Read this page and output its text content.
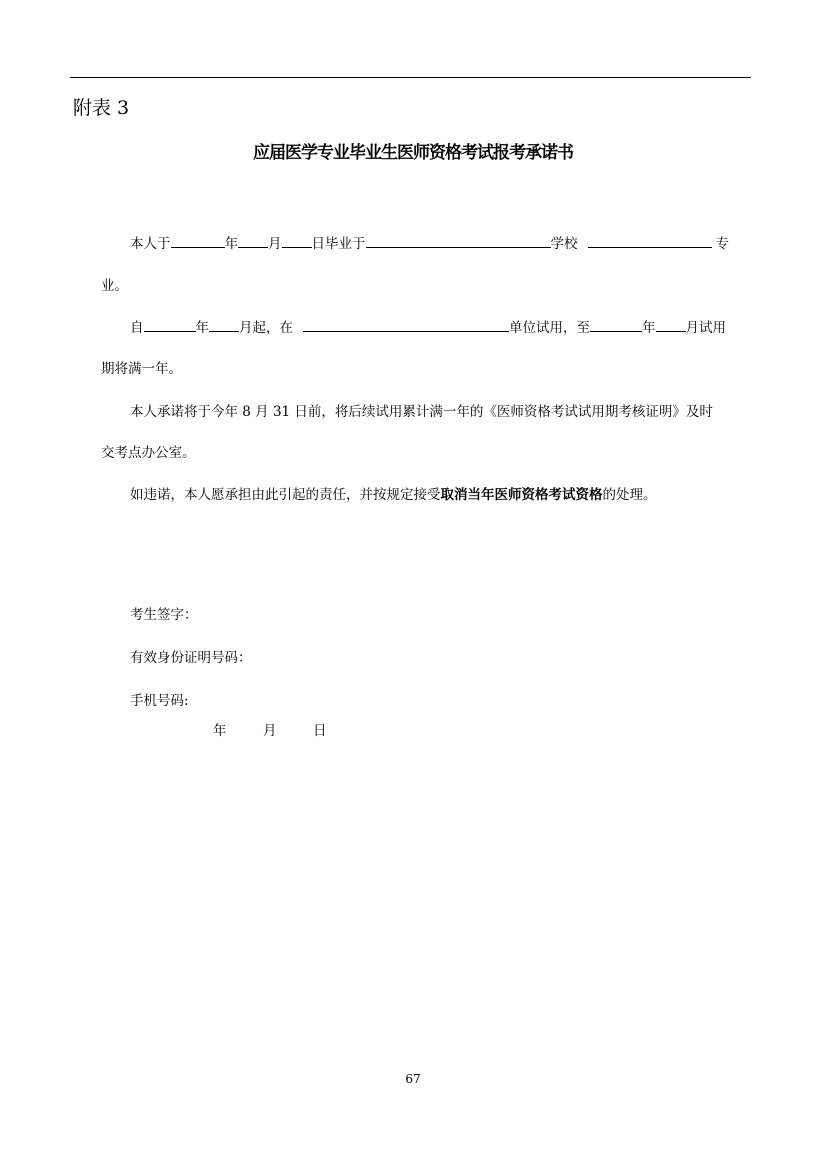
附表 3
应届医学专业毕业生医师资格考试报考承诺书
本人于	年 月 日毕业于	学校	专
业。
自	年 月起，在	单位试用，至	年 月试用
期将满一年。
本人承诺将于今年 8 月 31 日前，将后续试用累计满一年的《医师资格考试试用期考核证明》及时
交考点办公室。
如违诺，本人愿承担由此引起的责任，并按规定接受取消当年医师资格考试资格的处理。
考生签字：
有效身份证明号码：
手机号码:
年	月	日
67
